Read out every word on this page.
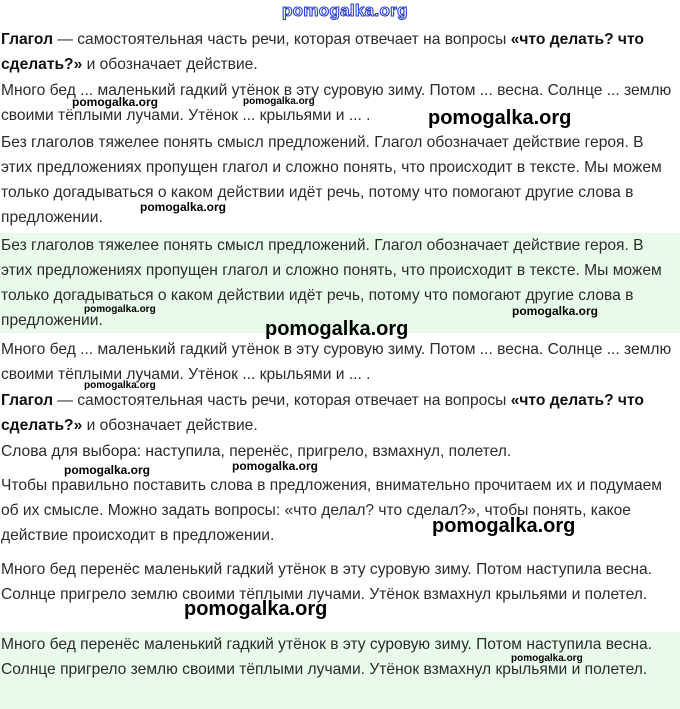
pomogalka.org
Глагол — самостоятельная часть речи, которая отвечает на вопросы «что делать? что сделать?» и обозначает действие.
Много бед ... маленький гадкий утёнок в эту суровую зиму. Потом ... весна. Солнце ... землю своими тёплыми лучами. Утёнок ... крыльями и ... .
Без глаголов тяжелее понять смысл предложений. Глагол обозначает действие героя. В этих предложениях пропущен глагол и сложно понять, что происходит в тексте. Мы можем только догадываться о каком действии идёт речь, потому что помогают другие слова в предложении.
Без глаголов тяжелее понять смысл предложений. Глагол обозначает действие героя. В этих предложениях пропущен глагол и сложно понять, что происходит в тексте. Мы можем только догадываться о каком действии идёт речь, потому что помогают другие слова в предложении.
Много бед ... маленький гадкий утёнок в эту суровую зиму. Потом ... весна. Солнце ... землю своими тёплыми лучами. Утёнок ... крыльями и ... .
Глагол — самостоятельная часть речи, которая отвечает на вопросы «что делать? что сделать?» и обозначает действие.
Слова для выбора: наступила, перенёс, пригрело, взмахнул, полетел.
Чтобы правильно поставить слова в предложения, внимательно прочитаем их и подумаем об их смысле. Можно задать вопросы: «что делал? что сделал?», чтобы понять, какое действие происходит в предложении.
Много бед перенёс маленький гадкий утёнок в эту суровую зиму. Потом наступила весна. Солнце пригрело землю своими тёплыми лучами. Утёнок взмахнул крыльями и полетел.
Много бед перенёс маленький гадкий утёнок в эту суровую зиму. Потом наступила весна. Солнце пригрело землю своими тёплыми лучами. Утёнок взмахнул крыльями и полетел.
pomogalka.org	pomogalka.org
pomogalka.org
pomogalka.org
pomogalka.org	pomogalka.org
pomogalka.org
pomogalka.org
pomogalka.org	pomogalka.org
pomogalka.org
pomogalka.org
pomogalka.org
